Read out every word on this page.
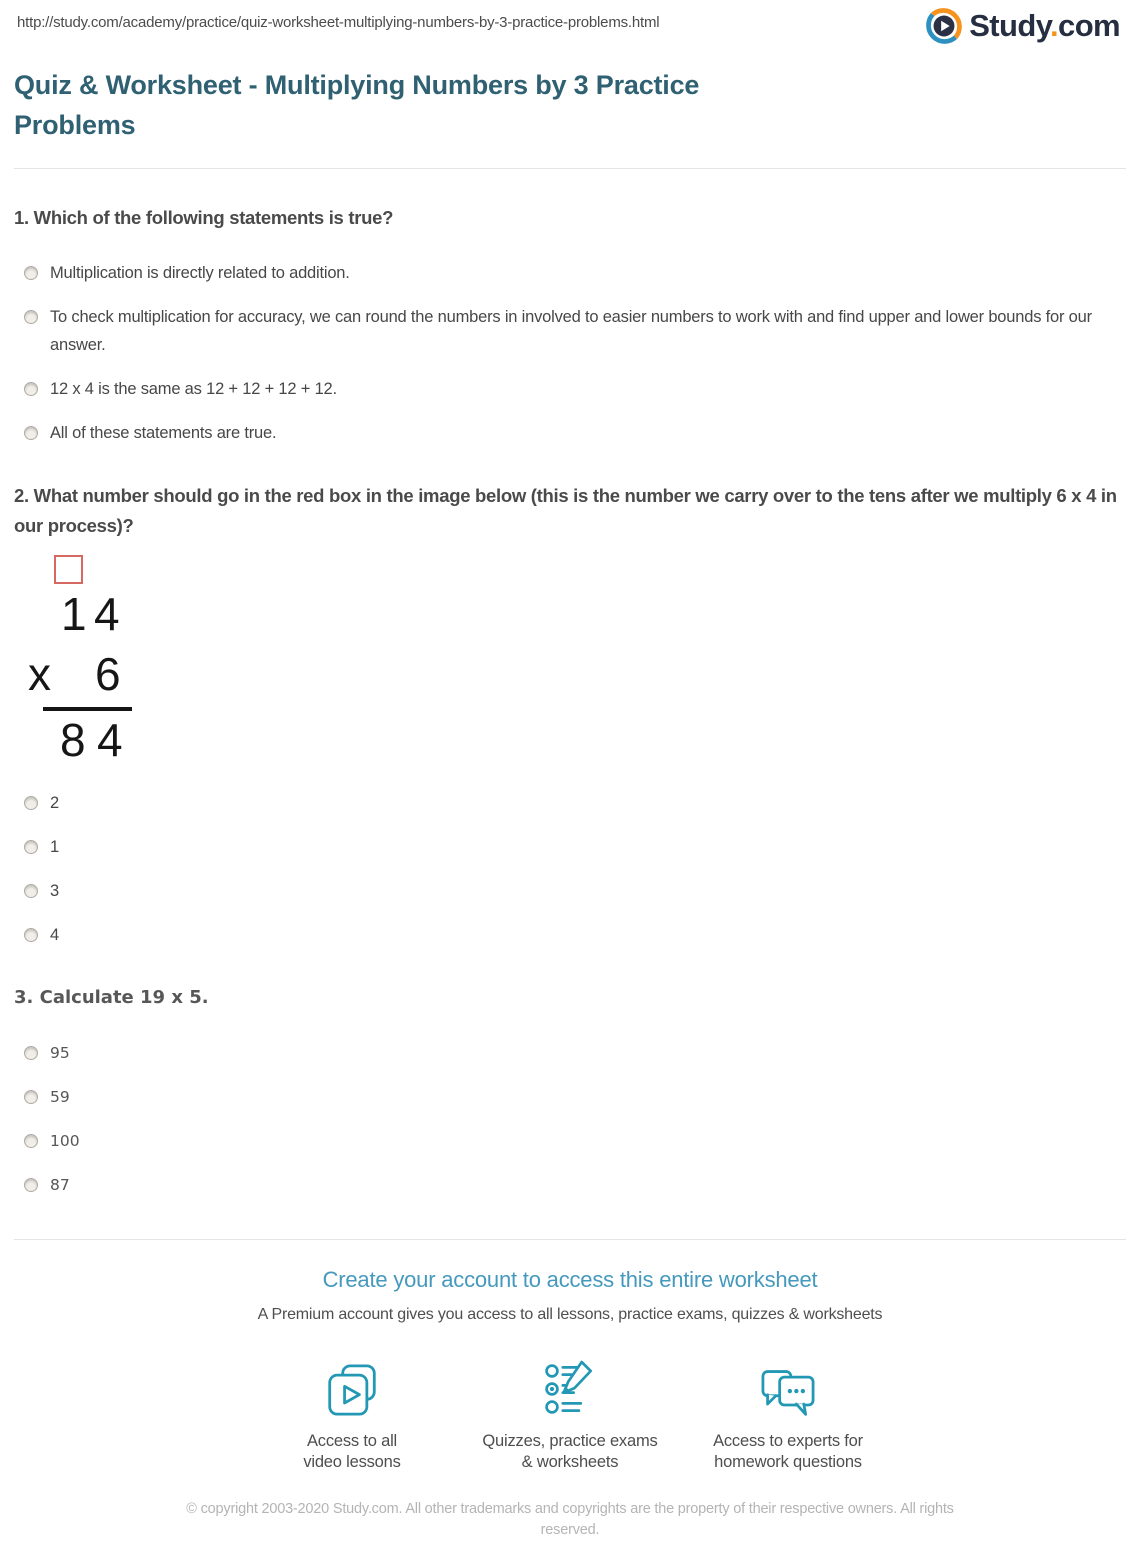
http://study.com/academy/practice/quiz-worksheet-multiplying-numbers-by-3-practice-problems.html	Study.com
Quiz & Worksheet - Multiplying Numbers by 3 Practice Problems
1. Which of the following statements is true?
Multiplication is directly related to addition.
To check multiplication for accuracy, we can round the numbers in involved to easier numbers to work with and find upper and lower bounds for our answer.
12 x 4 is the same as 12 + 12 + 12 + 12.
All of these statements are true.
2. What number should go in the red box in the image below (this is the number we carry over to the tens after we multiply 6 x 4 in our process)?
1 4
x 6
8 4
2
1
3
4
3. Calculate 19 x 5.
95
59
100
87
Create your account to access this entire worksheet

A Premium account gives you access to all lessons, practice exams, quizzes & worksheets

Access to all
video lessons
Quizzes, practice exams
& worksheets
Access to experts for
homework questions
© copyright 2003-2020 Study.com. All other trademarks and copyrights are the property of their respective owners. All rights reserved.
